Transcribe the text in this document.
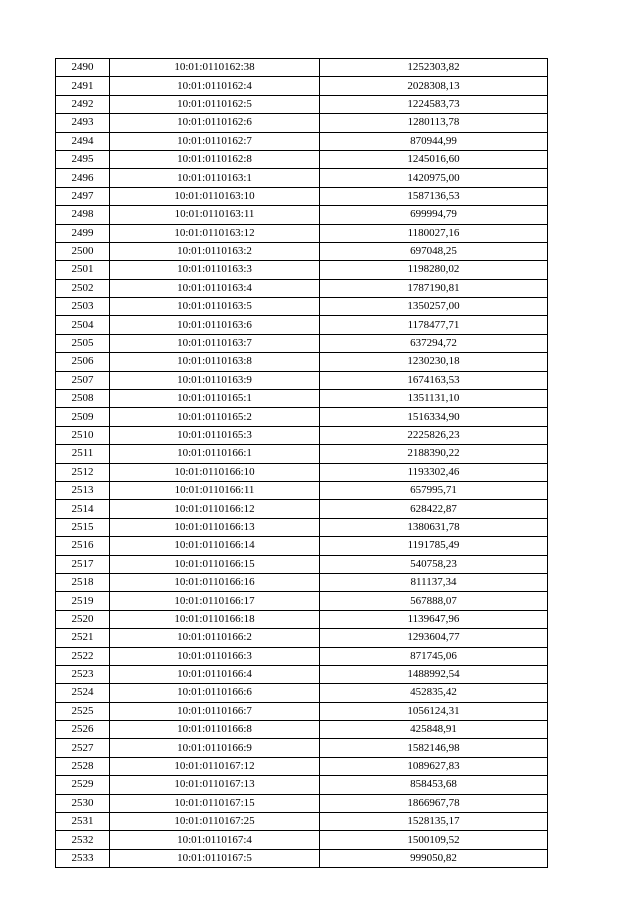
2490	10:01:0110162:38	1252303,82
2491	10:01:0110162:4	2028308,13
2492	10:01:0110162:5	1224583,73
2493	10:01:0110162:6	1280113,78
2494	10:01:0110162:7	870944,99
2495	10:01:0110162:8	1245016,60
2496	10:01:0110163:1	1420975,00
2497	10:01:0110163:10	1587136,53
2498	10:01:0110163:11	699994,79
2499	10:01:0110163:12	1180027,16
2500	10:01:0110163:2	697048,25
2501	10:01:0110163:3	1198280,02
2502	10:01:0110163:4	1787190,81
2503	10:01:0110163:5	1350257,00
2504	10:01:0110163:6	1178477,71
2505	10:01:0110163:7	637294,72
2506	10:01:0110163:8	1230230,18
2507	10:01:0110163:9	1674163,53
2508	10:01:0110165:1	1351131,10
2509	10:01:0110165:2	1516334,90
2510	10:01:0110165:3	2225826,23
2511	10:01:0110166:1	2188390,22
2512	10:01:0110166:10	1193302,46
2513	10:01:0110166:11	657995,71
2514	10:01:0110166:12	628422,87
2515	10:01:0110166:13	1380631,78
2516	10:01:0110166:14	1191785,49
2517	10:01:0110166:15	540758,23
2518	10:01:0110166:16	811137,34
2519	10:01:0110166:17	567888,07
2520	10:01:0110166:18	1139647,96
2521	10:01:0110166:2	1293604,77
2522	10:01:0110166:3	871745,06
2523	10:01:0110166:4	1488992,54
2524	10:01:0110166:6	452835,42
2525	10:01:0110166:7	1056124,31
2526	10:01:0110166:8	425848,91
2527	10:01:0110166:9	1582146,98
2528	10:01:0110167:12	1089627,83
2529	10:01:0110167:13	858453,68
2530	10:01:0110167:15	1866967,78
2531	10:01:0110167:25	1528135,17
2532	10:01:0110167:4	1500109,52
2533	10:01:0110167:5	999050,82
